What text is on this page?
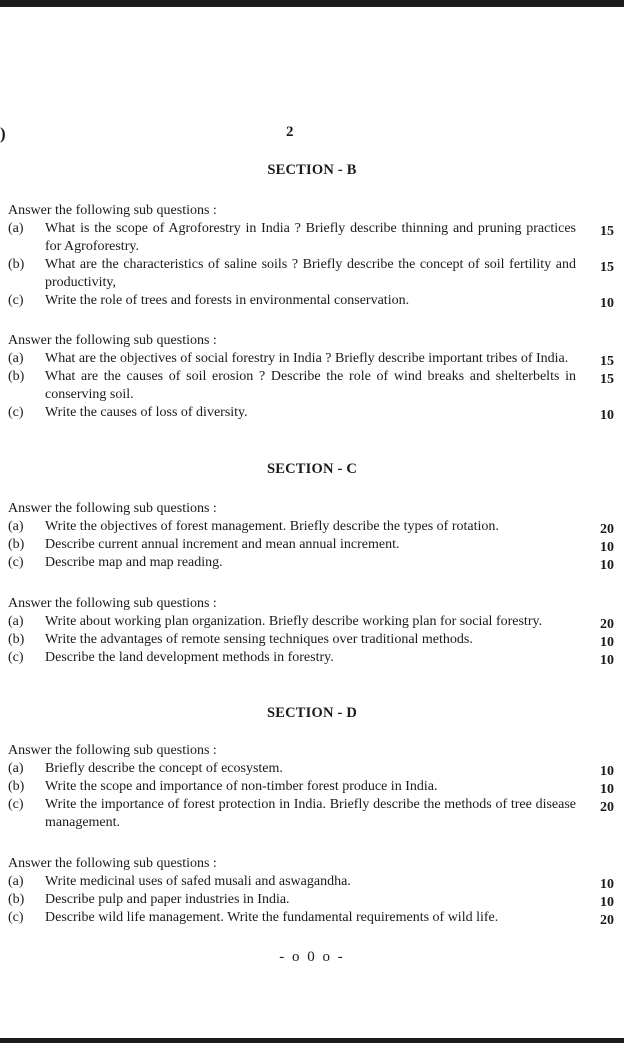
)	2
SECTION - B
Answer the following sub questions :
(a)	What is the scope of Agroforestry in India ? Briefly describe thinning and pruning practices for Agroforestry.
15
(b)	What are the characteristics of saline soils ? Briefly describe the concept of soil fertility and productivity,
15
(c)	Write the role of trees and forests in environmental conservation.	10
Answer the following sub questions :
(a)	What are the objectives of social forestry in India ? Briefly describe important tribes of India.	15
(b)	What are the causes of soil erosion ? Describe the role of wind breaks and shelterbelts in conserving soil.
15
(c)	Write the causes of loss of diversity.	10
SECTION - C
Answer the following sub questions :
(a)	Write the objectives of forest management. Briefly describe the types of rotation.	20
(b)	Describe current annual increment and mean annual increment.	10
(c)	Describe map and map reading.	10
Answer the following sub questions :
(a)	Write about working plan organization. Briefly describe working plan for social forestry.	20
(b)	Write the advantages of remote sensing techniques over traditional methods.	10
(c)	Describe the land development methods in forestry.	10
SECTION - D
Answer the following sub questions :
(a)	Briefly describe the concept of ecosystem.	10
(b)	Write the scope and importance of non-timber forest produce in India.	10
(c)	Write the importance of forest protection in India. Briefly describe the methods of tree disease management.
20
Answer the following sub questions :
(a)	Write medicinal uses of safed musali and aswagandha.	10
(b)	Describe pulp and paper industries in India.	10
(c)	Describe wild life management. Write the fundamental requirements of wild life.	20
- o 0 o -
